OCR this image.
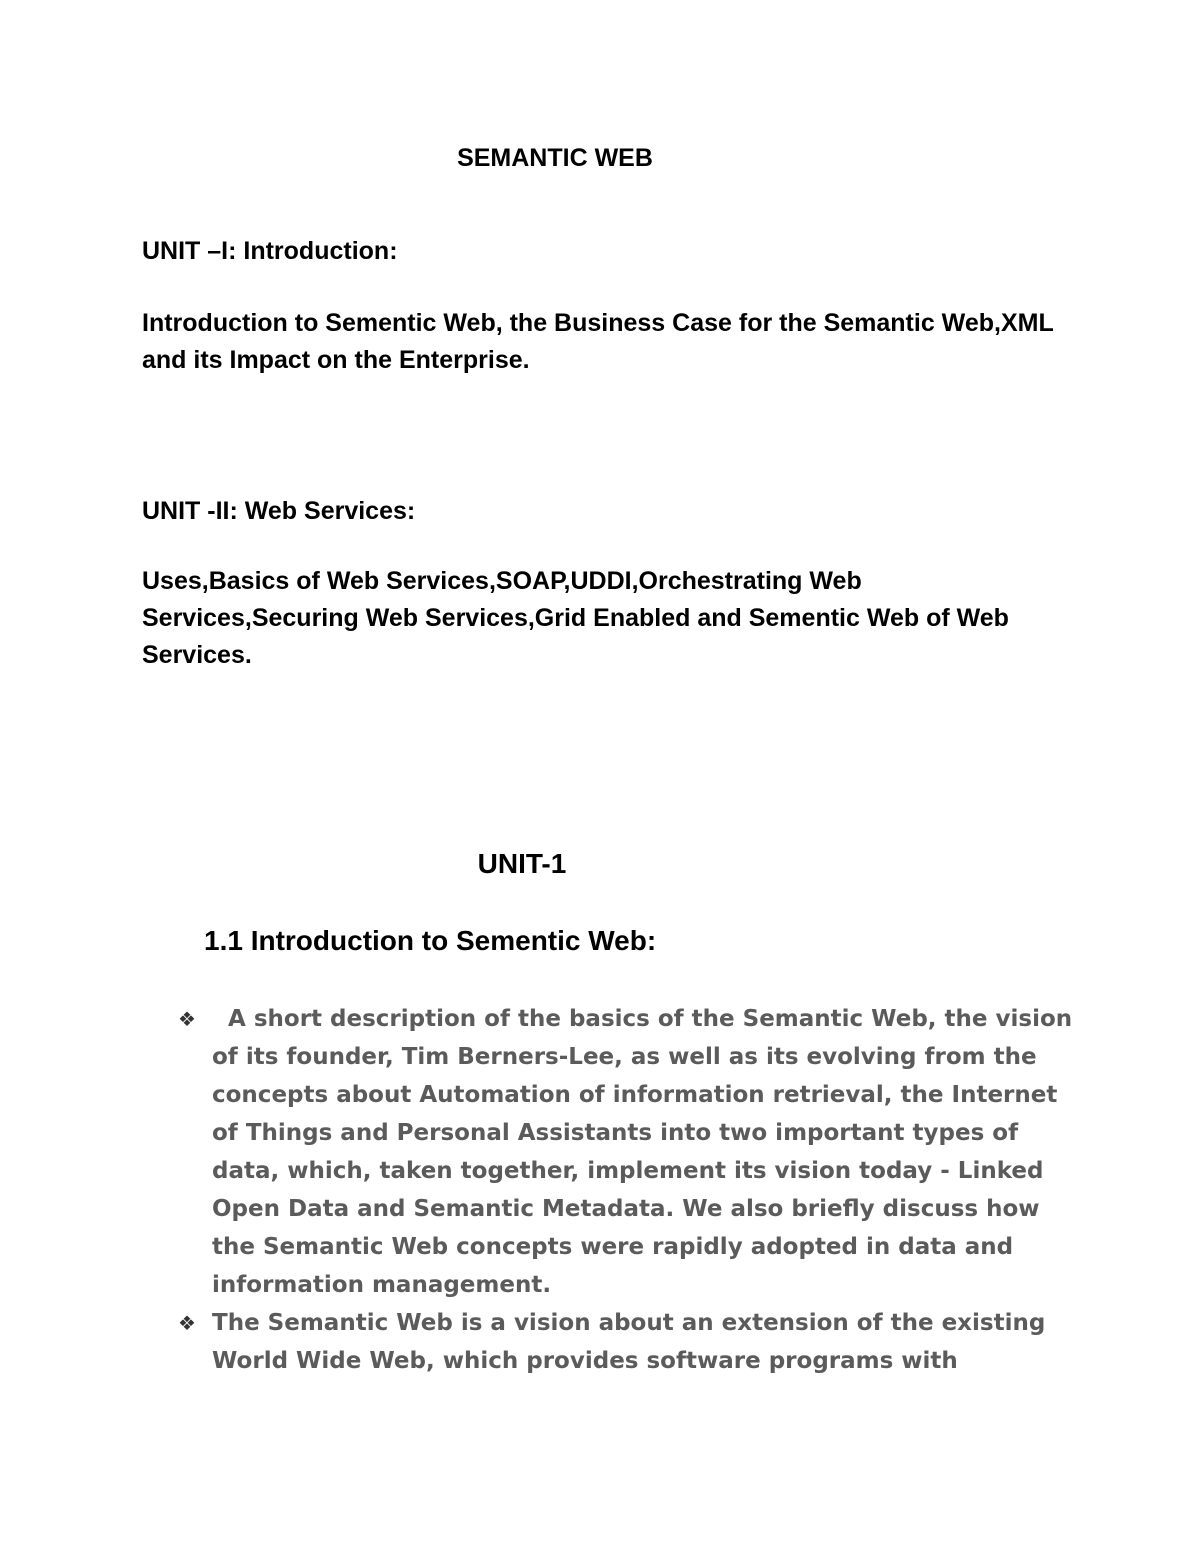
SEMANTIC WEB
UNIT –I: Introduction:

Introduction to Sementic Web, the Business Case for the Semantic Web,XML and its Impact on the Enterprise.

UNIT -II: Web Services:

Uses,Basics of Web Services,SOAP,UDDI,Orchestrating Web Services,Securing Web Services,Grid Enabled and Sementic Web of Web Services.

UNIT-1
1.1 Introduction to Sementic Web:
❖ A short description of the basics of the Semantic Web, the vision of its founder, Tim Berners-Lee, as well as its evolving from the concepts about Automation of information retrieval, the Internet of Things and Personal Assistants into two important types of data, which, taken together, implement its vision today - Linked Open Data and Semantic Metadata. We also briefly discuss how the Semantic Web concepts were rapidly adopted in data and information management.
❖ The Semantic Web is a vision about an extension of the existing World Wide Web, which provides software programs with
